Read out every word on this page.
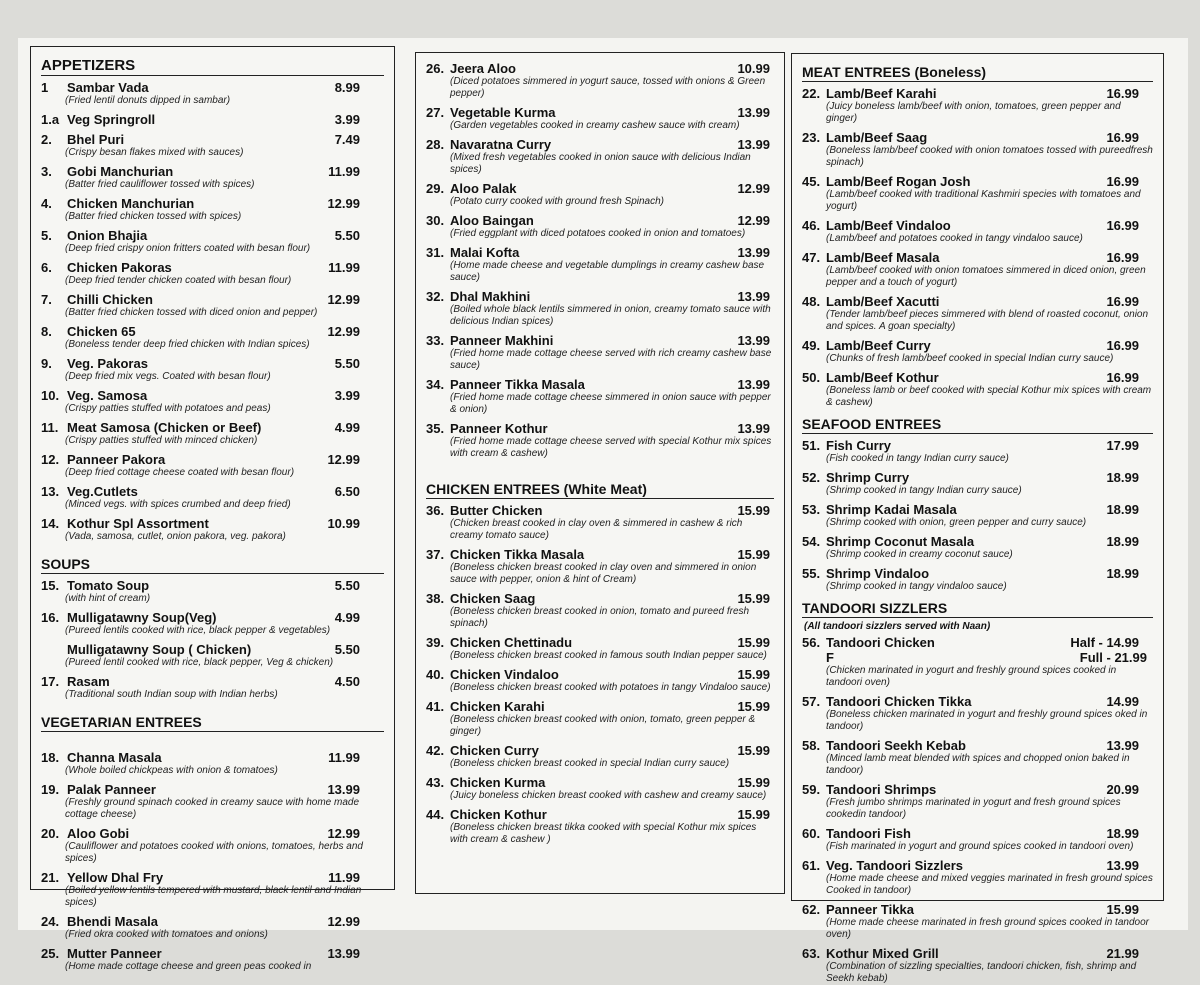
APPETIZERS
1	Sambar Vada	8.99
(Fried lentil donuts dipped in sambar)
1.a Veg Springroll	3.99
2.	Bhel Puri	7.49
(Crispy besan flakes mixed with sauces)
3.	Gobi Manchurian	11.99
(Batter fried cauliflower tossed with spices)
4.	Chicken Manchurian	12.99
(Batter fried chicken tossed with spices)
5.	Onion Bhajia	5.50
(Deep fried crispy onion fritters coated with besan flour)
6.	Chicken Pakoras	11.99
(Deep fried tender chicken coated with besan flour)
7.	Chilli Chicken	12.99
(Batter fried chicken tossed with diced onion and pepper)
8.	Chicken 65	12.99
(Boneless tender deep fried chicken with Indian spices)
9.	Veg. Pakoras	5.50
(Deep fried mix vegs. Coated with besan flour)
10. Veg. Samosa	3.99
(Crispy patties stuffed with potatoes and peas)
11. Meat Samosa (Chicken or Beef)	4.99
(Crispy patties stuffed with minced chicken)
12. Panneer Pakora	12.99
(Deep fried cottage cheese coated with besan flour)
13. Veg.Cutlets	6.50
(Minced vegs. with spices crumbed and deep fried)
14. Kothur Spl Assortment	10.99
(Vada, samosa, cutlet, onion pakora, veg. pakora)
SOUPS
15. Tomato Soup	5.50
(with hint of cream)
16. Mulligatawny Soup(Veg)	4.99
(Pureed lentils cooked with rice, black pepper & vegetables)
Mulligatawny Soup ( Chicken)	5.50
(Pureed lentil cooked with rice, black pepper, Veg & chicken)
17. Rasam	4.50
(Traditional south Indian soup with Indian herbs)
VEGETARIAN ENTREES
18. Channa Masala	11.99
(Whole boiled chickpeas with onion & tomatoes)
19. Palak Panneer	13.99
(Freshly ground spinach cooked in creamy sauce with home made cottage cheese)
20. Aloo Gobi	12.99
(Cauliflower and potatoes cooked with onions, tomatoes, herbs and spices)
21. Yellow Dhal Fry	11.99
(Boiled yellow lentils tempered with mustard, black lentil and Indian spices)
24. Bhendi Masala	12.99
(Fried okra cooked with tomatoes and onions)
25. Mutter Panneer	13.99
(Home made cottage cheese and green peas cooked in
26. Jeera Aloo	10.99
(Diced potatoes simmered in yogurt sauce, tossed with onions & Green pepper)
27. Vegetable Kurma	13.99
(Garden vegetables cooked in creamy cashew sauce with cream)
28. Navaratna Curry	13.99
(Mixed fresh vegetables cooked in onion sauce with delicious Indian spices)
29. Aloo Palak	12.99
(Potato curry cooked with ground fresh Spinach)
30. Aloo Baingan	12.99
(Fried eggplant with diced potatoes cooked in onion and tomatoes)
31. Malai Kofta	13.99
(Home made cheese and vegetable dumplings in creamy cashew base sauce)
32. Dhal Makhini	13.99
(Boiled whole black lentils simmered in onion, creamy tomato sauce with delicious Indian spices)
33. Panneer Makhini	13.99
(Fried home made cottage cheese served with rich creamy cashew base sauce)
34. Panneer Tikka Masala	13.99
(Fried home made cottage cheese simmered in onion sauce with pepper & onion)
35. Panneer Kothur	13.99
(Fried home made cottage cheese served with special Kothur mix spices with cream & cashew)
CHICKEN ENTREES (White Meat)
36. Butter Chicken	15.99
(Chicken breast cooked in clay oven & simmered in cashew & rich creamy tomato sauce)
37. Chicken Tikka Masala	15.99
(Boneless chicken breast cooked in clay oven and simmered in onion sauce with pepper, onion & hint of Cream)
38. Chicken Saag	15.99
(Boneless chicken breast cooked in onion, tomato and pureed fresh spinach)
39. Chicken Chettinadu	15.99
(Boneless chicken breast cooked in famous south Indian pepper sauce)
40. Chicken Vindaloo	15.99
(Boneless chicken breast cooked with potatoes in tangy Vindaloo sauce)
41. Chicken Karahi	15.99
(Boneless chicken breast cooked with onion, tomato, green pepper & ginger)
42. Chicken Curry	15.99
(Boneless chicken breast cooked in special Indian curry sauce)
43. Chicken Kurma	15.99
(Juicy boneless chicken breast cooked with cashew and creamy sauce)
44. Chicken Kothur	15.99
(Boneless chicken breast tikka cooked with special Kothur mix spices with cream & cashew )
MEAT ENTREES (Boneless)
22. Lamb/Beef Karahi	16.99
(Juicy boneless lamb/beef with onion, tomatoes, green pepper and ginger)
23. Lamb/Beef Saag	16.99
(Boneless lamb/beef cooked with onion tomatoes tossed with pureedfresh spinach)
45. Lamb/Beef Rogan Josh	16.99
(Lamb/beef cooked with traditional Kashmiri species with tomatoes and yogurt)
46. Lamb/Beef Vindaloo	16.99
(Lamb/beef and potatoes cooked in tangy vindaloo sauce)
47. Lamb/Beef Masala	16.99
(Lamb/beef cooked with onion tomatoes simmered in diced onion, green pepper and a touch of yogurt)
48. Lamb/Beef Xacutti	16.99
(Tender lamb/beef pieces simmered with blend of roasted coconut, onion and spices. A goan specialty)
49. Lamb/Beef Curry	16.99
(Chunks of fresh lamb/beef cooked in special Indian curry sauce)
50. Lamb/Beef Kothur	16.99
(Boneless lamb or beef cooked with special Kothur mix spices with cream & cashew)
SEAFOOD ENTREES
51. Fish Curry	17.99
(Fish cooked in tangy Indian curry sauce)
52. Shrimp Curry	18.99
(Shrimp cooked in tangy Indian curry sauce)
53. Shrimp Kadai Masala	18.99
(Shrimp cooked with onion, green pepper and curry sauce)
54. Shrimp Coconut Masala	18.99
(Shrimp cooked in creamy coconut sauce)
55. Shrimp Vindaloo	18.99
(Shrimp cooked in tangy vindaloo sauce)
TANDOORI SIZZLERS
(All tandoori sizzlers served with Naan)
56. Tandoori Chicken	Half - 14.99
F	Full - 21.99
(Chicken marinated in yogurt and freshly ground spices cooked in tandoori oven)
57. Tandoori Chicken Tikka	14.99
(Boneless chicken marinated in yogurt and freshly ground spices oked in tandoor)
58. Tandoori Seekh Kebab	13.99
(Minced lamb meat blended with spices and chopped onion baked in tandoor)
59. Tandoori Shrimps	20.99
(Fresh jumbo shrimps marinated in yogurt and fresh ground spices cookedin tandoor)
60. Tandoori Fish	18.99
(Fish marinated in yogurt and ground spices cooked in tandoori oven)
61. Veg. Tandoori Sizzlers	13.99
(Home made cheese and mixed veggies marinated in fresh ground spices Cooked in tandoor)
62. Panneer Tikka	15.99
(Home made cheese marinated in fresh ground spices cooked in tandoor oven)
63. Kothur Mixed Grill	21.99
(Combination of sizzling specialties, tandoori chicken, fish, shrimp and Seekh kebab)
